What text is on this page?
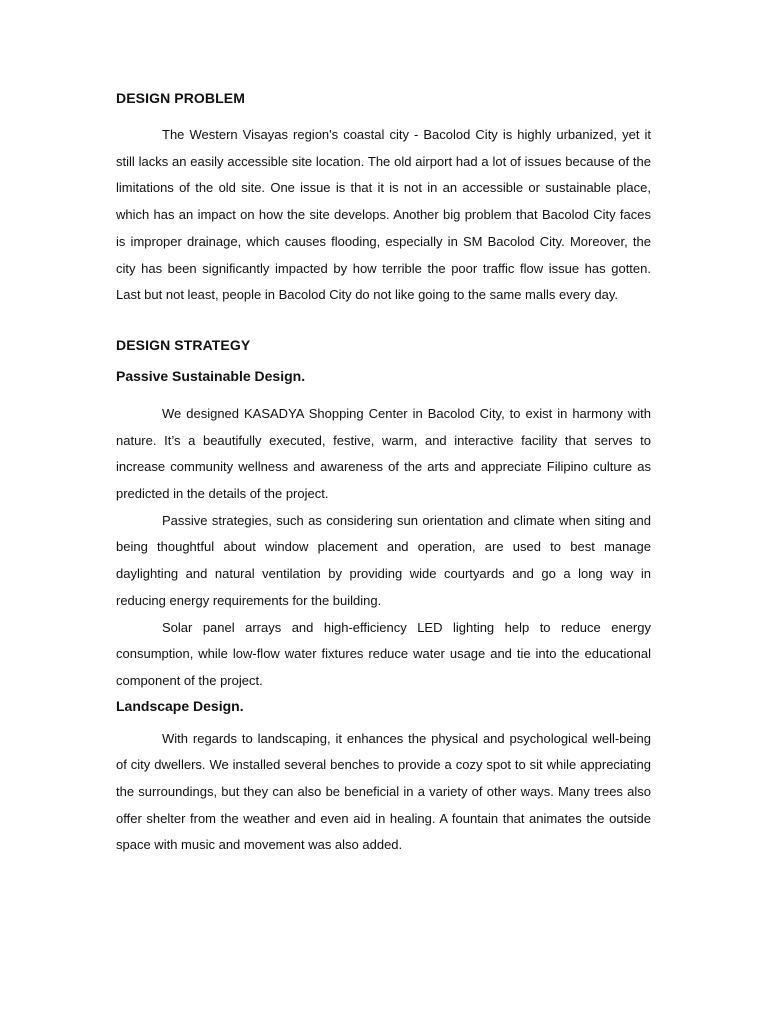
DESIGN PROBLEM

The Western Visayas region's coastal city - Bacolod City is highly urbanized, yet it still lacks an easily accessible site location. The old airport had a lot of issues because of the limitations of the old site. One issue is that it is not in an accessible or sustainable place, which has an impact on how the site develops. Another big problem that Bacolod City faces is improper drainage, which causes flooding, especially in SM Bacolod City. Moreover, the city has been significantly impacted by how terrible the poor traffic flow issue has gotten. Last but not least, people in Bacolod City do not like going to the same malls every day.

DESIGN STRATEGY
Passive Sustainable Design.

We designed KASADYA Shopping Center in Bacolod City, to exist in harmony with nature. It’s a beautifully executed, festive, warm, and interactive facility that serves to increase community wellness and awareness of the arts and appreciate Filipino culture as predicted in the details of the project.

Passive strategies, such as considering sun orientation and climate when siting and being thoughtful about window placement and operation, are used to best manage daylighting and natural ventilation by providing wide courtyards and go a long way in reducing energy requirements for the building.

Solar panel arrays and high-efficiency LED lighting help to reduce energy consumption, while low-flow water fixtures reduce water usage and tie into the educational component of the project.

Landscape Design.

With regards to landscaping, it enhances the physical and psychological well-being of city dwellers. We installed several benches to provide a cozy spot to sit while appreciating the surroundings, but they can also be beneficial in a variety of other ways. Many trees also offer shelter from the weather and even aid in healing. A fountain that animates the outside space with music and movement was also added.
